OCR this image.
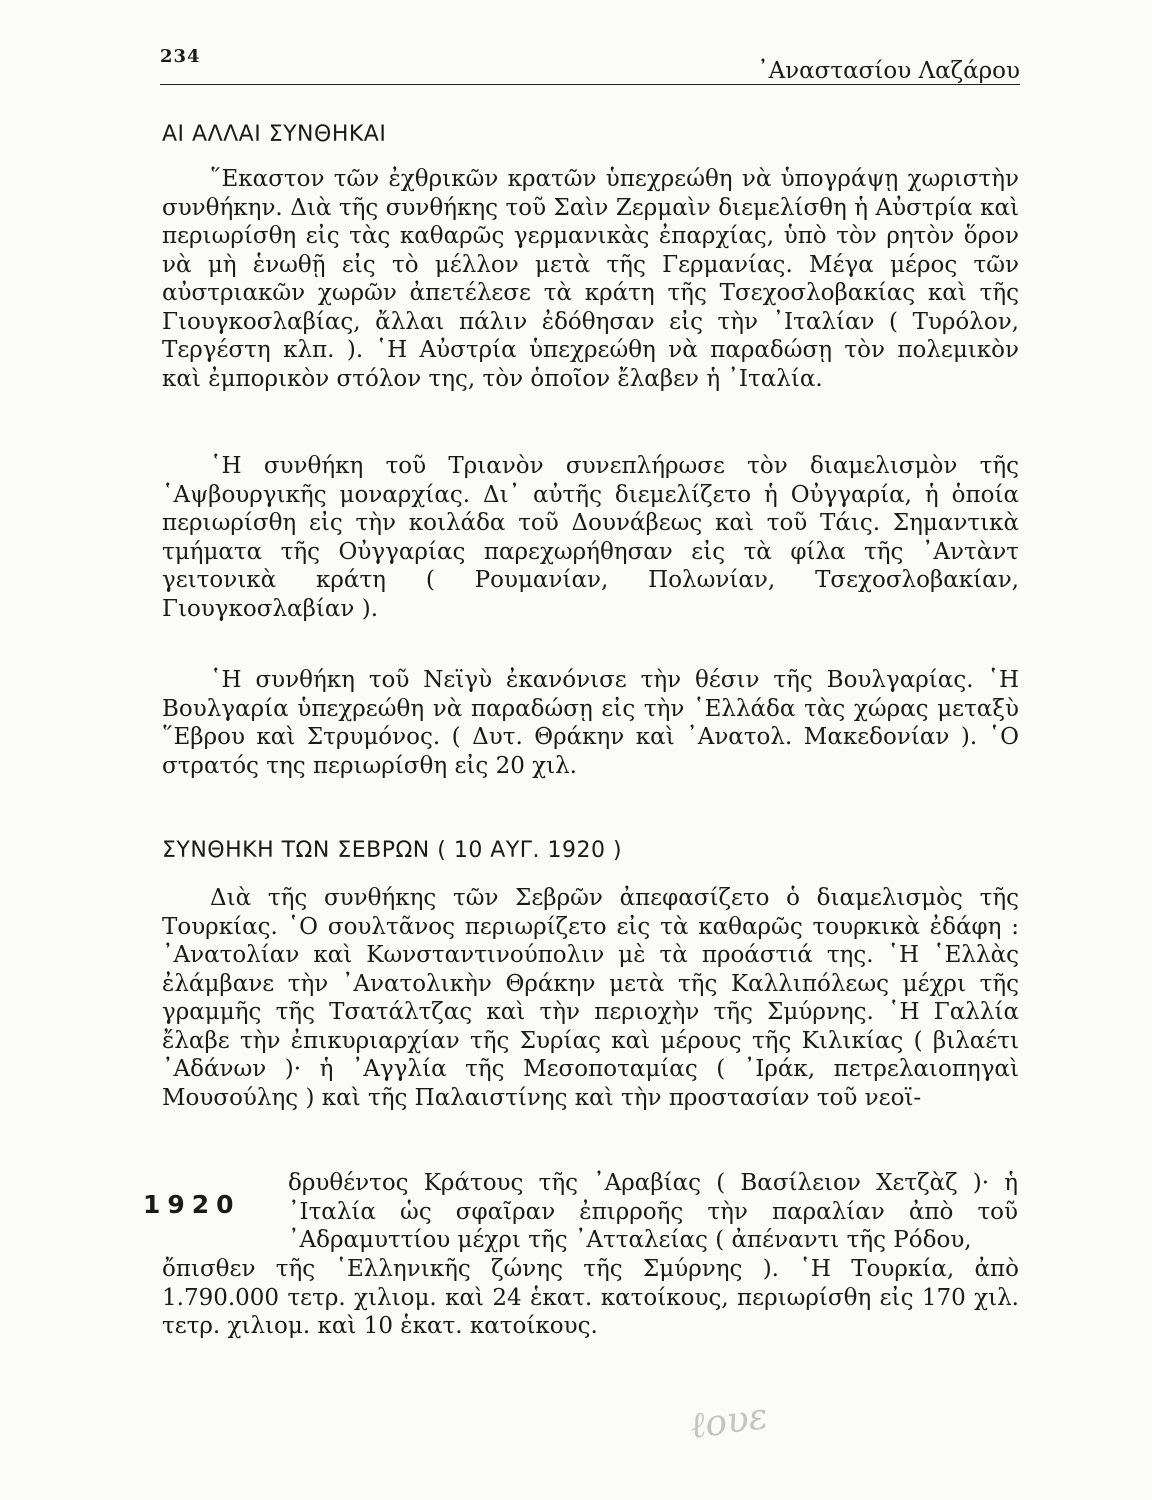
234
᾿Αναστασίου Λαζάρου
ΑΙ ΑΛΛΑΙ ΣΥΝΘΗΚΑΙ

῞Εκαστον τῶν ἐχθρικῶν κρατῶν ὑπεχρεώθη νὰ ὑπογράψῃ χωριστὴν συνθήκην. Διὰ τῆς συνθήκης τοῦ Σαὶν Ζερμαὶν διεμελίσθη ἡ Αὐστρία καὶ περιωρίσθη εἰς τὰς καθαρῶς γερμανικὰς ἐπαρχίας, ὑπὸ τὸν ρητὸν ὅρον νὰ μὴ ἑνωθῇ εἰς τὸ μέλλον μετὰ τῆς Γερμανίας. Μέγα μέρος τῶν αὐστριακῶν χωρῶν ἀπετέλεσε τὰ κράτη τῆς Τσεχοσλοβακίας καὶ τῆς Γιουγκοσλαβίας, ἄλλαι πάλιν ἐδόθησαν εἰς τὴν ᾿Ιταλίαν ( Τυρόλον, Τεργέστη κλπ. ). ῾Η Αὐστρία ὑπεχρεώθη νὰ παραδώσῃ τὸν πολεμικὸν καὶ ἐμπορικὸν στόλον της, τὸν ὁποῖον ἔλαβεν ἡ ᾿Ιταλία.

῾Η συνθήκη τοῦ Τριανὸν συνεπλήρωσε τὸν διαμελισμὸν τῆς ῾Αψβουργικῆς μοναρχίας. Δι᾿ αὐτῆς διεμελίζετο ἡ Οὐγγαρία, ἡ ὁποία περιωρίσθη εἰς τὴν κοιλάδα τοῦ Δουνάβεως καὶ τοῦ Τάις. Σημαντικὰ τμήματα τῆς Οὐγγαρίας παρεχωρήθησαν εἰς τὰ φίλα τῆς ᾿Αντὰντ γειτονικὰ κράτη ( Ρουμανίαν, Πολωνίαν, Τσεχοσλοβακίαν, Γιουγκοσλαβίαν ).

῾Η συνθήκη τοῦ Νεϊγὺ ἐκανόνισε τὴν θέσιν τῆς Βουλγαρίας. ῾Η Βουλγαρία ὑπεχρεώθη νὰ παραδώσῃ εἰς τὴν ῾Ελλάδα τὰς χώρας μεταξὺ ῞Εβρου καὶ Στρυμόνος. ( Δυτ. Θράκην καὶ ᾿Ανατολ. Μακεδονίαν ). ῾Ο στρατός της περιωρίσθη εἰς 20 χιλ.

ΣΥΝΘΗΚΗ ΤΩΝ ΣΕΒΡΩΝ ( 10 ΑΥΓ. 1920 )

Διὰ τῆς συνθήκης τῶν Σεβρῶν ἀπεφασίζετο ὁ διαμελισμὸς τῆς Τουρκίας. ῾Ο σουλτᾶνος περιωρίζετο εἰς τὰ καθαρῶς τουρκικὰ ἐδάφη : ᾿Ανατολίαν καὶ Κωνσταντινούπολιν μὲ τὰ προάστιά της. ῾Η ῾Ελλὰς ἐλάμβανε τὴν ᾿Ανατολικὴν Θράκην μετὰ τῆς Καλλιπόλεως μέχρι τῆς γραμμῆς τῆς Τσατάλτζας καὶ τὴν περιοχὴν τῆς Σμύρνης. ῾Η Γαλλία ἔλαβε τὴν ἐπικυριαρχίαν τῆς Συρίας καὶ μέρους τῆς Κιλικίας ( βιλαέτι ᾿Αδάνων )· ἡ ᾿Αγγλία τῆς Μεσοποταμίας ( ᾿Ιράκ, πετρελαιοπηγαὶ Μουσούλης ) καὶ τῆς Παλαιστίνης καὶ τὴν προστασίαν τοῦ νεοϊ-

1920

δρυθέντος Κράτους τῆς ᾿Αραβίας ( Βασίλειον Χετζὰζ )· ἡ ᾿Ιταλία ὡς σφαῖραν ἐπιρροῆς τὴν παραλίαν ἀπὸ τοῦ ᾿Αδραμυττίου μέχρι τῆς ᾿Ατταλείας ( ἀπέναντι τῆς Ρόδου,

ὄπισθεν τῆς ῾Ελληνικῆς ζώνης τῆς Σμύρνης ). ῾Η Τουρκία, ἀπὸ 1.790.000 τετρ. χιλιομ. καὶ 24 ἑκατ. κατοίκους, περιωρίσθη εἰς 170 χιλ. τετρ. χιλιομ. καὶ 10 ἑκατ. κατοίκους.

ℓουε
